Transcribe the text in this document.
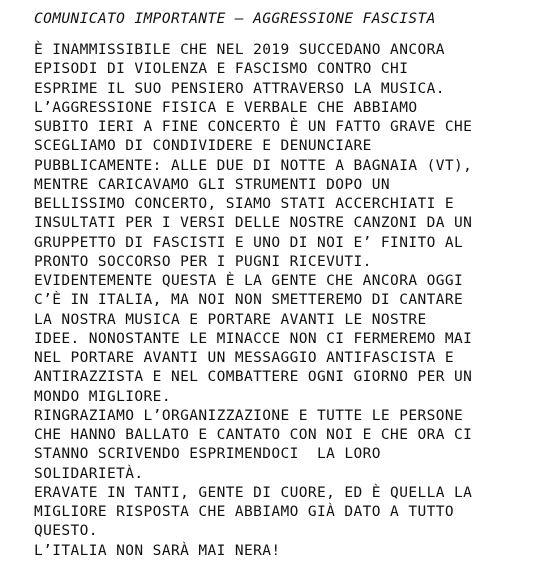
COMUNICATO IMPORTANTE – AGGRESSIONE FASCISTA
È INAMMISSIBILE CHE NEL 2019 SUCCEDANO ANCORA
EPISODI DI VIOLENZA E FASCISMO CONTRO CHI
ESPRIME IL SUO PENSIERO ATTRAVERSO LA MUSICA.
L’AGGRESSIONE FISICA E VERBALE CHE ABBIAMO
SUBITO IERI A FINE CONCERTO È UN FATTO GRAVE CHE
SCEGLIAMO DI CONDIVIDERE E DENUNCIARE
PUBBLICAMENTE: ALLE DUE DI NOTTE A BAGNAIA (VT),
MENTRE CARICAVAMO GLI STRUMENTI DOPO UN
BELLISSIMO CONCERTO, SIAMO STATI ACCERCHIATI E
INSULTATI PER I VERSI DELLE NOSTRE CANZONI DA UN
GRUPPETTO DI FASCISTI E UNO DI NOI E’ FINITO AL
PRONTO SOCCORSO PER I PUGNI RICEVUTI.
EVIDENTEMENTE QUESTA È LA GENTE CHE ANCORA OGGI
C’È IN ITALIA, MA NOI NON SMETTEREMO DI CANTARE
LA NOSTRA MUSICA E PORTARE AVANTI LE NOSTRE
IDEE. NONOSTANTE LE MINACCE NON CI FERMEREMO MAI
NEL PORTARE AVANTI UN MESSAGGIO ANTIFASCISTA E
ANTIRAZZISTA E NEL COMBATTERE OGNI GIORNO PER UN
MONDO MIGLIORE.
RINGRAZIAMO L’ORGANIZZAZIONE E TUTTE LE PERSONE
CHE HANNO BALLATO E CANTATO CON NOI E CHE ORA CI
STANNO SCRIVENDO ESPRIMENDOCI  LA LORO
SOLIDARIETÀ.
ERAVATE IN TANTI, GENTE DI CUORE, ED È QUELLA LA
MIGLIORE RISPOSTA CHE ABBIAMO GIÀ DATO A TUTTO
QUESTO.
L’ITALIA NON SARÀ MAI NERA!
